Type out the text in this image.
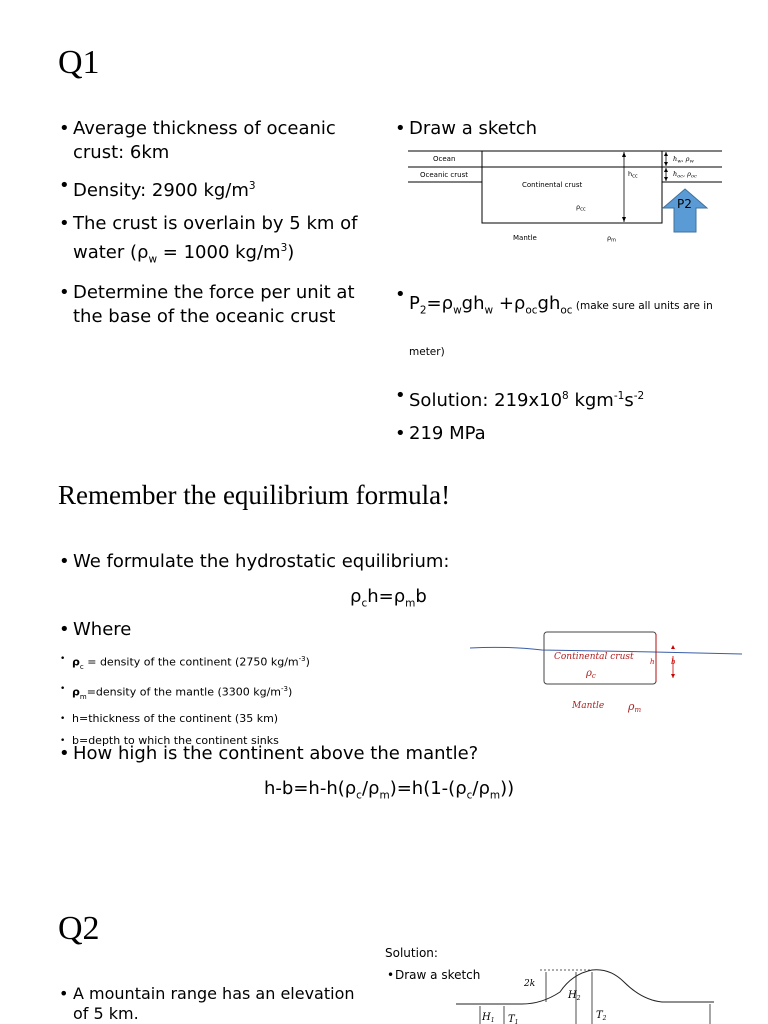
Q1
• Average thickness of oceanic crust: 6km
• Density: 2900 $kg/m^3$
• The crust is overlain by 5 km of water ($\rho_w = 1000$ $kg/m^3$)
• Determine the force per unit at the base of the oceanic crust
• Draw a sketch
Ocean
Oceanic crust
Continental crust
$\rho_{cc}$
$h_{cc}$
$h_w$, $\rho_w$
$h_{oc}$, $\rho_{oc}$
P2
Mantle	$\rho_m$
• $P_2=\rho_wgh_w +\rho_{oc}gh_{oc}$ (make sure all units are in meter)
• Solution: $219x10^8$ $kgm^{-1}s^{-2}$
• 219 MPa
Remember the equilibrium formula!
• We formulate the hydrostatic equilibrium:
$\rho_ch=\rho_mb$
• Where
• $\rho_c$ = density of the continent (2750 $kg/m^{-3}$)
• $\rho_m=density$ of the mantle (3300 $kg/m^{-3}$)
• h=thickness of the continent (35 km)
• b=depth to which the continent sinks
Continental crust
$\rho_c$
h b
Mantle ρm
• How high is the continent above the mantle?
$h-b=h-h(\rho_c/\rho_m)=h(1-(\rho_c/\rho_m))$
Q2
Solution:
• Draw a sketch
• A mountain range has an elevation of 5 km.
2k
$H_2$
$T_2$
$H_1$ $T_1$
